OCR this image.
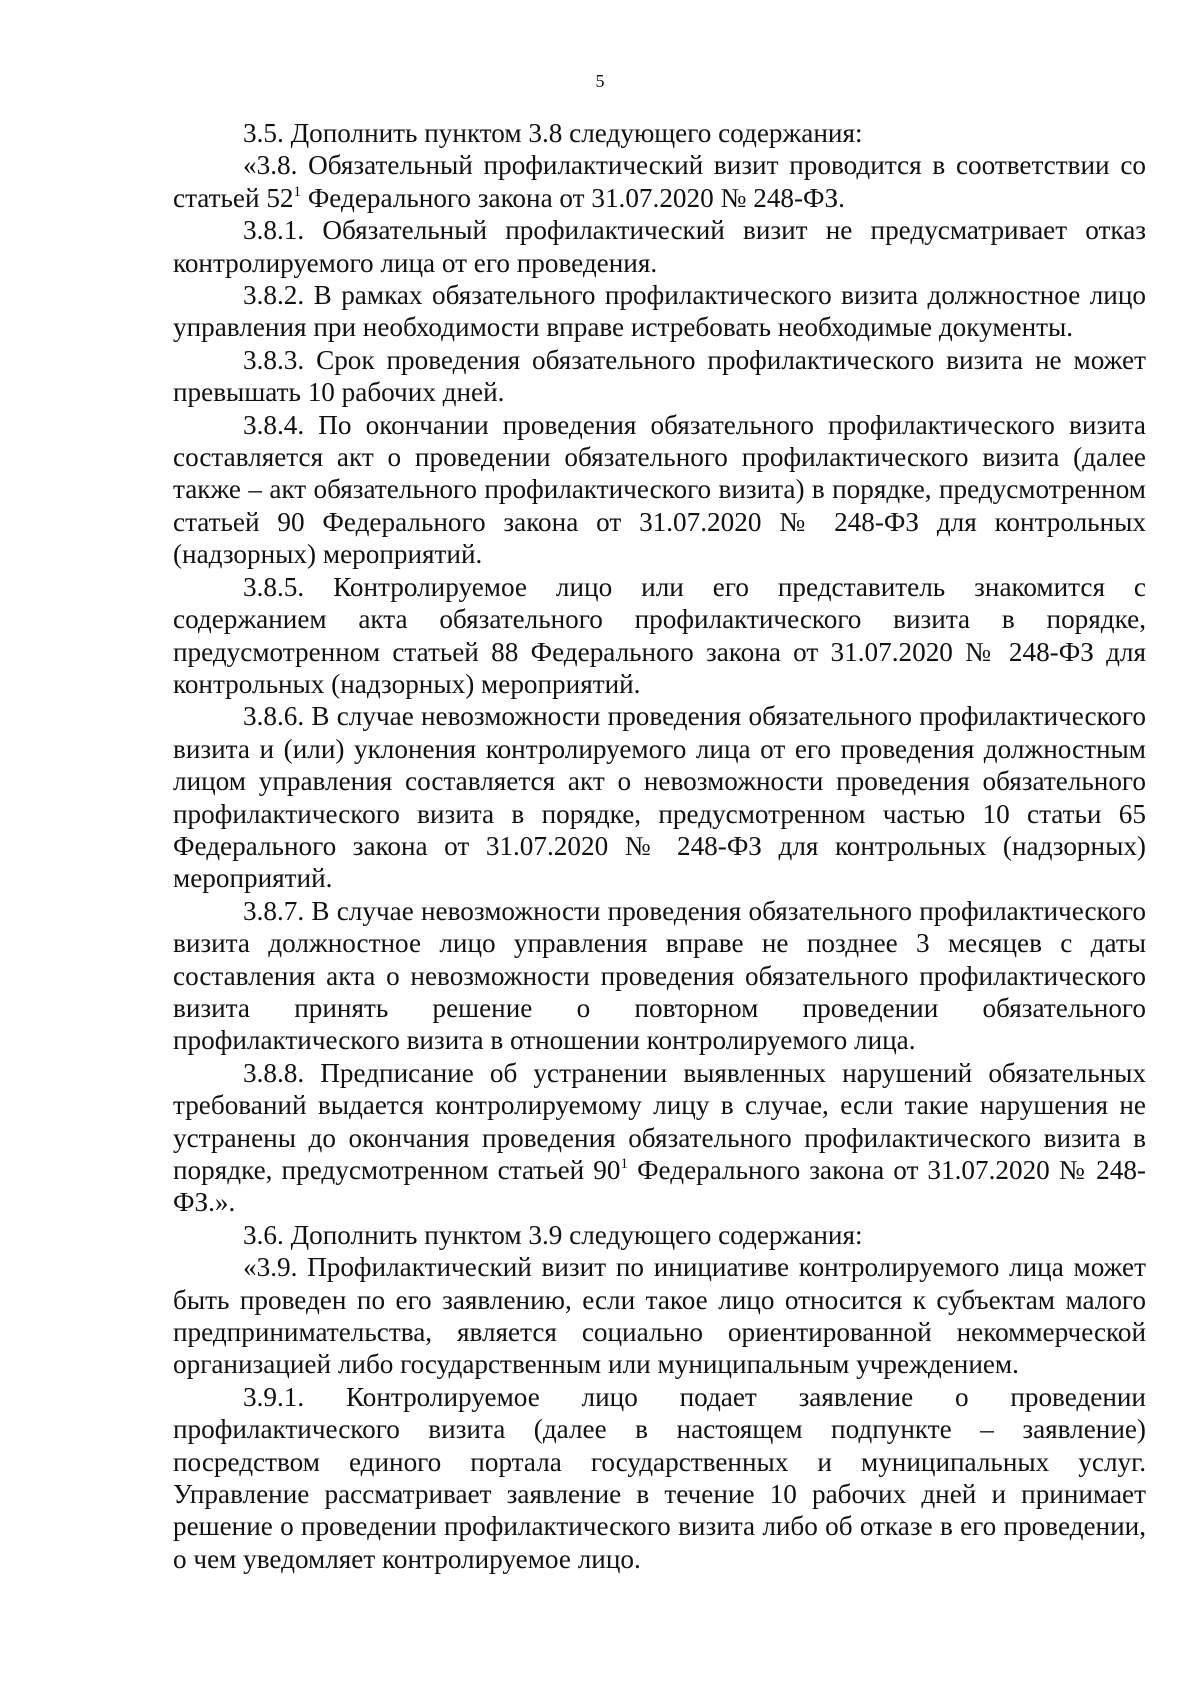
5

3.5. Дополнить пунктом 3.8 следующего содержания:

«3.8. Обязательный профилактический визит проводится в соответствии со статьей $52^1$ Федерального закона от 31.07.2020 № 248-ФЗ.

3.8.1. Обязательный профилактический визит не предусматривает отказ контролируемого лица от его проведения.

3.8.2. В рамках обязательного профилактического визита должностное лицо управления при необходимости вправе истребовать необходимые документы.

3.8.3. Срок проведения обязательного профилактического визита не может превышать 10 рабочих дней.

3.8.4. По окончании проведения обязательного профилактического визита составляется акт о проведении обязательного профилактического визита (далее также – акт обязательного профилактического визита) в порядке, предусмотренном статьей 90 Федерального закона от 31.07.2020 № 248-ФЗ для контрольных (надзорных) мероприятий.

3.8.5. Контролируемое лицо или его представитель знакомится с содержанием акта обязательного профилактического визита в порядке, предусмотренном статьей 88 Федерального закона от 31.07.2020 № 248-ФЗ для контрольных (надзорных) мероприятий.

3.8.6. В случае невозможности проведения обязательного профилактического визита и (или) уклонения контролируемого лица от его проведения должностным лицом управления составляется акт о невозможности проведения обязательного профилактического визита в порядке, предусмотренном частью 10 статьи 65 Федерального закона от 31.07.2020 № 248-ФЗ для контрольных (надзорных) мероприятий.

3.8.7. В случае невозможности проведения обязательного профилактического визита должностное лицо управления вправе не позднее 3 месяцев с даты составления акта о невозможности проведения обязательного профилактического визита принять решение о повторном проведении обязательного профилактического визита в отношении контролируемого лица.

3.8.8. Предписание об устранении выявленных нарушений обязательных требований выдается контролируемому лицу в случае, если такие нарушения не устранены до окончания проведения обязательного профилактического визита в порядке, предусмотренном статьей $90^1$ Федерального закона от 31.07.2020 № 248-ФЗ.».

3.6. Дополнить пунктом 3.9 следующего содержания:

«3.9. Профилактический визит по инициативе контролируемого лица может быть проведен по его заявлению, если такое лицо относится к субъектам малого предпринимательства, является социально ориентированной некоммерческой организацией либо государственным или муниципальным учреждением.

3.9.1. Контролируемое лицо подает заявление о проведении профилактического визита (далее в настоящем подпункте – заявление) посредством единого портала государственных и муниципальных услуг. Управление рассматривает заявление в течение 10 рабочих дней и принимает решение о проведении профилактического визита либо об отказе в его проведении, о чем уведомляет контролируемое лицо.
